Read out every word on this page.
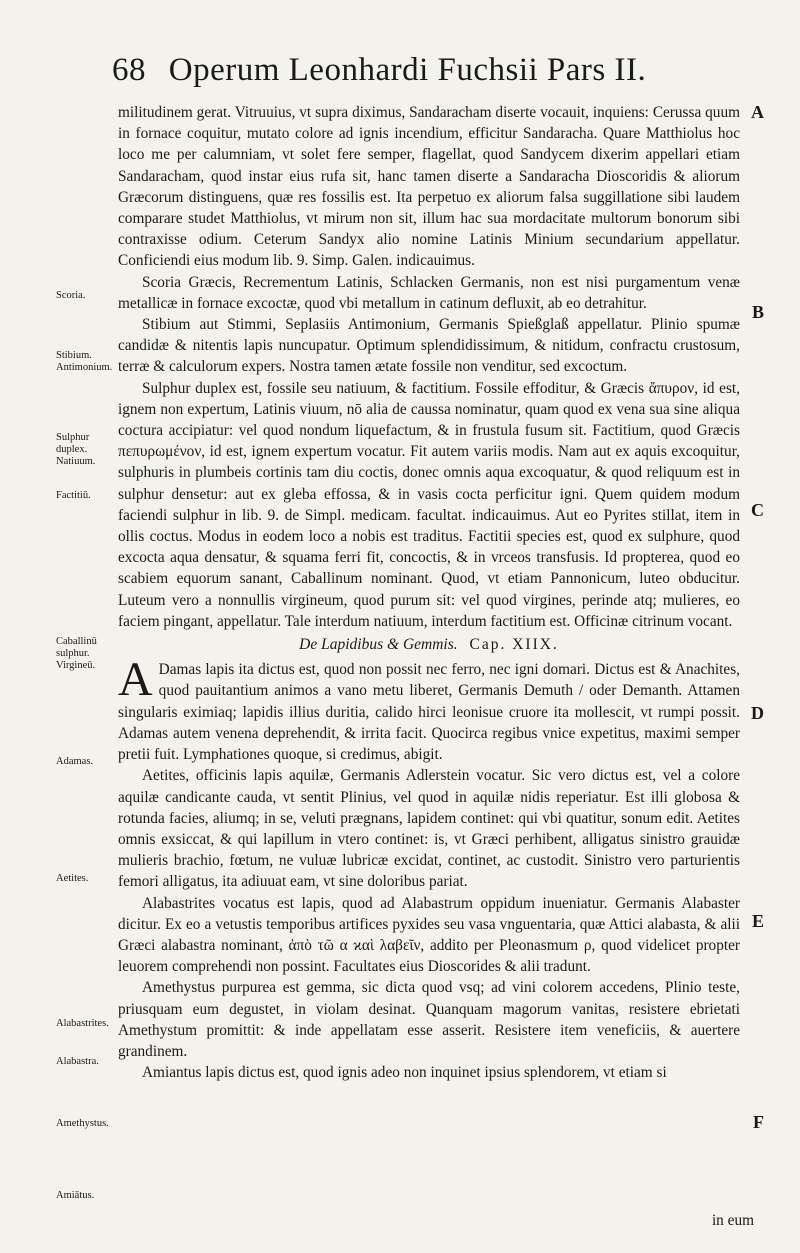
68 Operum Leonhardi Fuchsii Pars II.

militudinem gerat. Vitruuius, vt supra diximus, Sandaracham diserte vocauit, inquiens: Cerussa quum in fornace coquitur, mutato colore ad ignis incendium, efficitur Sandaracha. Quare Matthiolus hoc loco me per calumniam, vt solet fere semper, flagellat, quod Sandycem dixerim appellari etiam Sandaracham, quod instar eius rufa sit, hanc tamen diserte a Sandaracha Dioscoridis & aliorum Græcorum distinguens, quæ res fossilis est. Ita perpetuo ex aliorum falsa suggillatione sibi laudem comparare studet Matthiolus, vt mirum non sit, illum hac sua mordacitate multorum bonorum sibi contraxisse odium. Ceterum Sandyx alio nomine Latinis Minium secundarium appellatur. Conficiendi eius modum lib. 9. Simp. Galen. indicauimus.

Scoria Græcis, Recrementum Latinis, Schlacken Germanis, non est nisi purgamentum venæ metallicæ in fornace excoctæ, quod vbi metallum in catinum defluxit, ab eo detrahitur.

Stibium aut Stimmi, Seplasiis Antimonium, Germanis Spießglaß appellatur. Plinio spumæ candidæ & nitentis lapis nuncupatur. Optimum splendidissimum, & nitidum, confractu crustosum, terræ & calculorum expers. Nostra tamen ætate fossile non venditur, sed excoctum.

Sulphur duplex est, fossile seu natiuum, & factitium. Fossile effoditur, & Græcis ἄπυρον, id est, ignem non expertum, Latinis viuum, nō alia de caussa nominatur, quam quod ex vena sua sine aliqua coctura accipiatur: vel quod nondum liquefactum, & in frustula fusum sit. Factitium, quod Græcis πεπυρωμένον, id est, ignem expertum vocatur. Fit autem variis modis. Nam aut ex aquis excoquitur, sulphuris in plumbeis cortinis tam diu coctis, donec omnis aqua excoquatur, & quod reliquum est in sulphur densetur: aut ex gleba effossa, & in vasis cocta perficitur igni. Quem quidem modum faciendi sulphur in lib. 9. de Simpl. medicam. facultat. indicauimus. Aut eo Pyrites stillat, item in ollis coctus. Modus in eodem loco a nobis est traditus. Factitii species est, quod ex sulphure, quod excocta aqua densatur, & squama ferri fit, concoctis, & in vrceos transfusis. Id propterea, quod eo scabiem equorum sanant, Caballinum nominant. Quod, vt etiam Pannonicum, luteo obducitur. Luteum vero a nonnullis virgineum, quod purum sit: vel quod virgines, perinde atq; mulieres, eo faciem pingant, appellatur. Tale interdum natiuum, interdum factitium est. Officinæ citrinum vocant.

De Lapidibus & Gemmis. Cap. XIIX.

A Damas lapis ita dictus est, quod non possit nec ferro, nec igni domari. Dictus est & Anachites, quod pauitantium animos a vano metu liberet, Germanis Demuth / oder Demanth. Attamen singularis eximiaq; lapidis illius duritia, calido hirci leonisue cruore ita mollescit, vt rumpi possit. Adamas autem venena deprehendit, & irrita facit. Quocirca regibus vnice expetitus, maximi semper pretii fuit. Lymphationes quoque, si credimus, abigit.

Aetites, officinis lapis aquilæ, Germanis Adlerstein vocatur. Sic vero dictus est, vel a colore aquilæ candicante cauda, vt sentit Plinius, vel quod in aquilæ nidis reperiatur. Est illi globosa & rotunda facies, aliumq; in se, veluti prægnans, lapidem continet: qui vbi quatitur, sonum edit. Aetites omnis exsiccat, & qui lapillum in vtero continet: is, vt Græci perhibent, alligatus sinistro grauidæ mulieris brachio, fœtum, ne vuluæ lubricæ excidat, continet, ac custodit. Sinistro vero parturientis femori alligatus, ita adiuuat eam, vt sine doloribus pariat.

Alabastrites vocatus est lapis, quod ad Alabastrum oppidum inueniatur. Germanis Alabaster dicitur. Ex eo a vetustis temporibus artifices pyxides seu vasa vnguentaria, quæ Attici alabasta, & alii Græci alabastra nominant, ἀπὸ τῶ α ϰαὶ λαβεῖν, addito per Pleonasmum ρ, quod videlicet propter leuorem comprehendi non possint. Facultates eius Dioscorides & alii tradunt.

Amethystus purpurea est gemma, sic dicta quod vsq; ad vini colorem accedens, Plinio teste, priusquam eum degustet, in violam desinat. Quanquam magorum vanitas, resistere ebrietati Amethystum promittit: & inde appellatam esse asserit. Resistere item veneficiis, & auertere grandinem.

Amiantus lapis dictus est, quod ignis adeo non inquinet ipsius splendorem, vt etiam si

in eum
Scoria.
Stibium. Antimonium.
Sulphur duplex. Natiuum.
Factitiū.
Caballinū sulphur. Virgineū.
Adamas.
Aetites.
Alabastrites.
Alabastra.
Amethystus.
Amiātus.
A
B
C
D
E
F
